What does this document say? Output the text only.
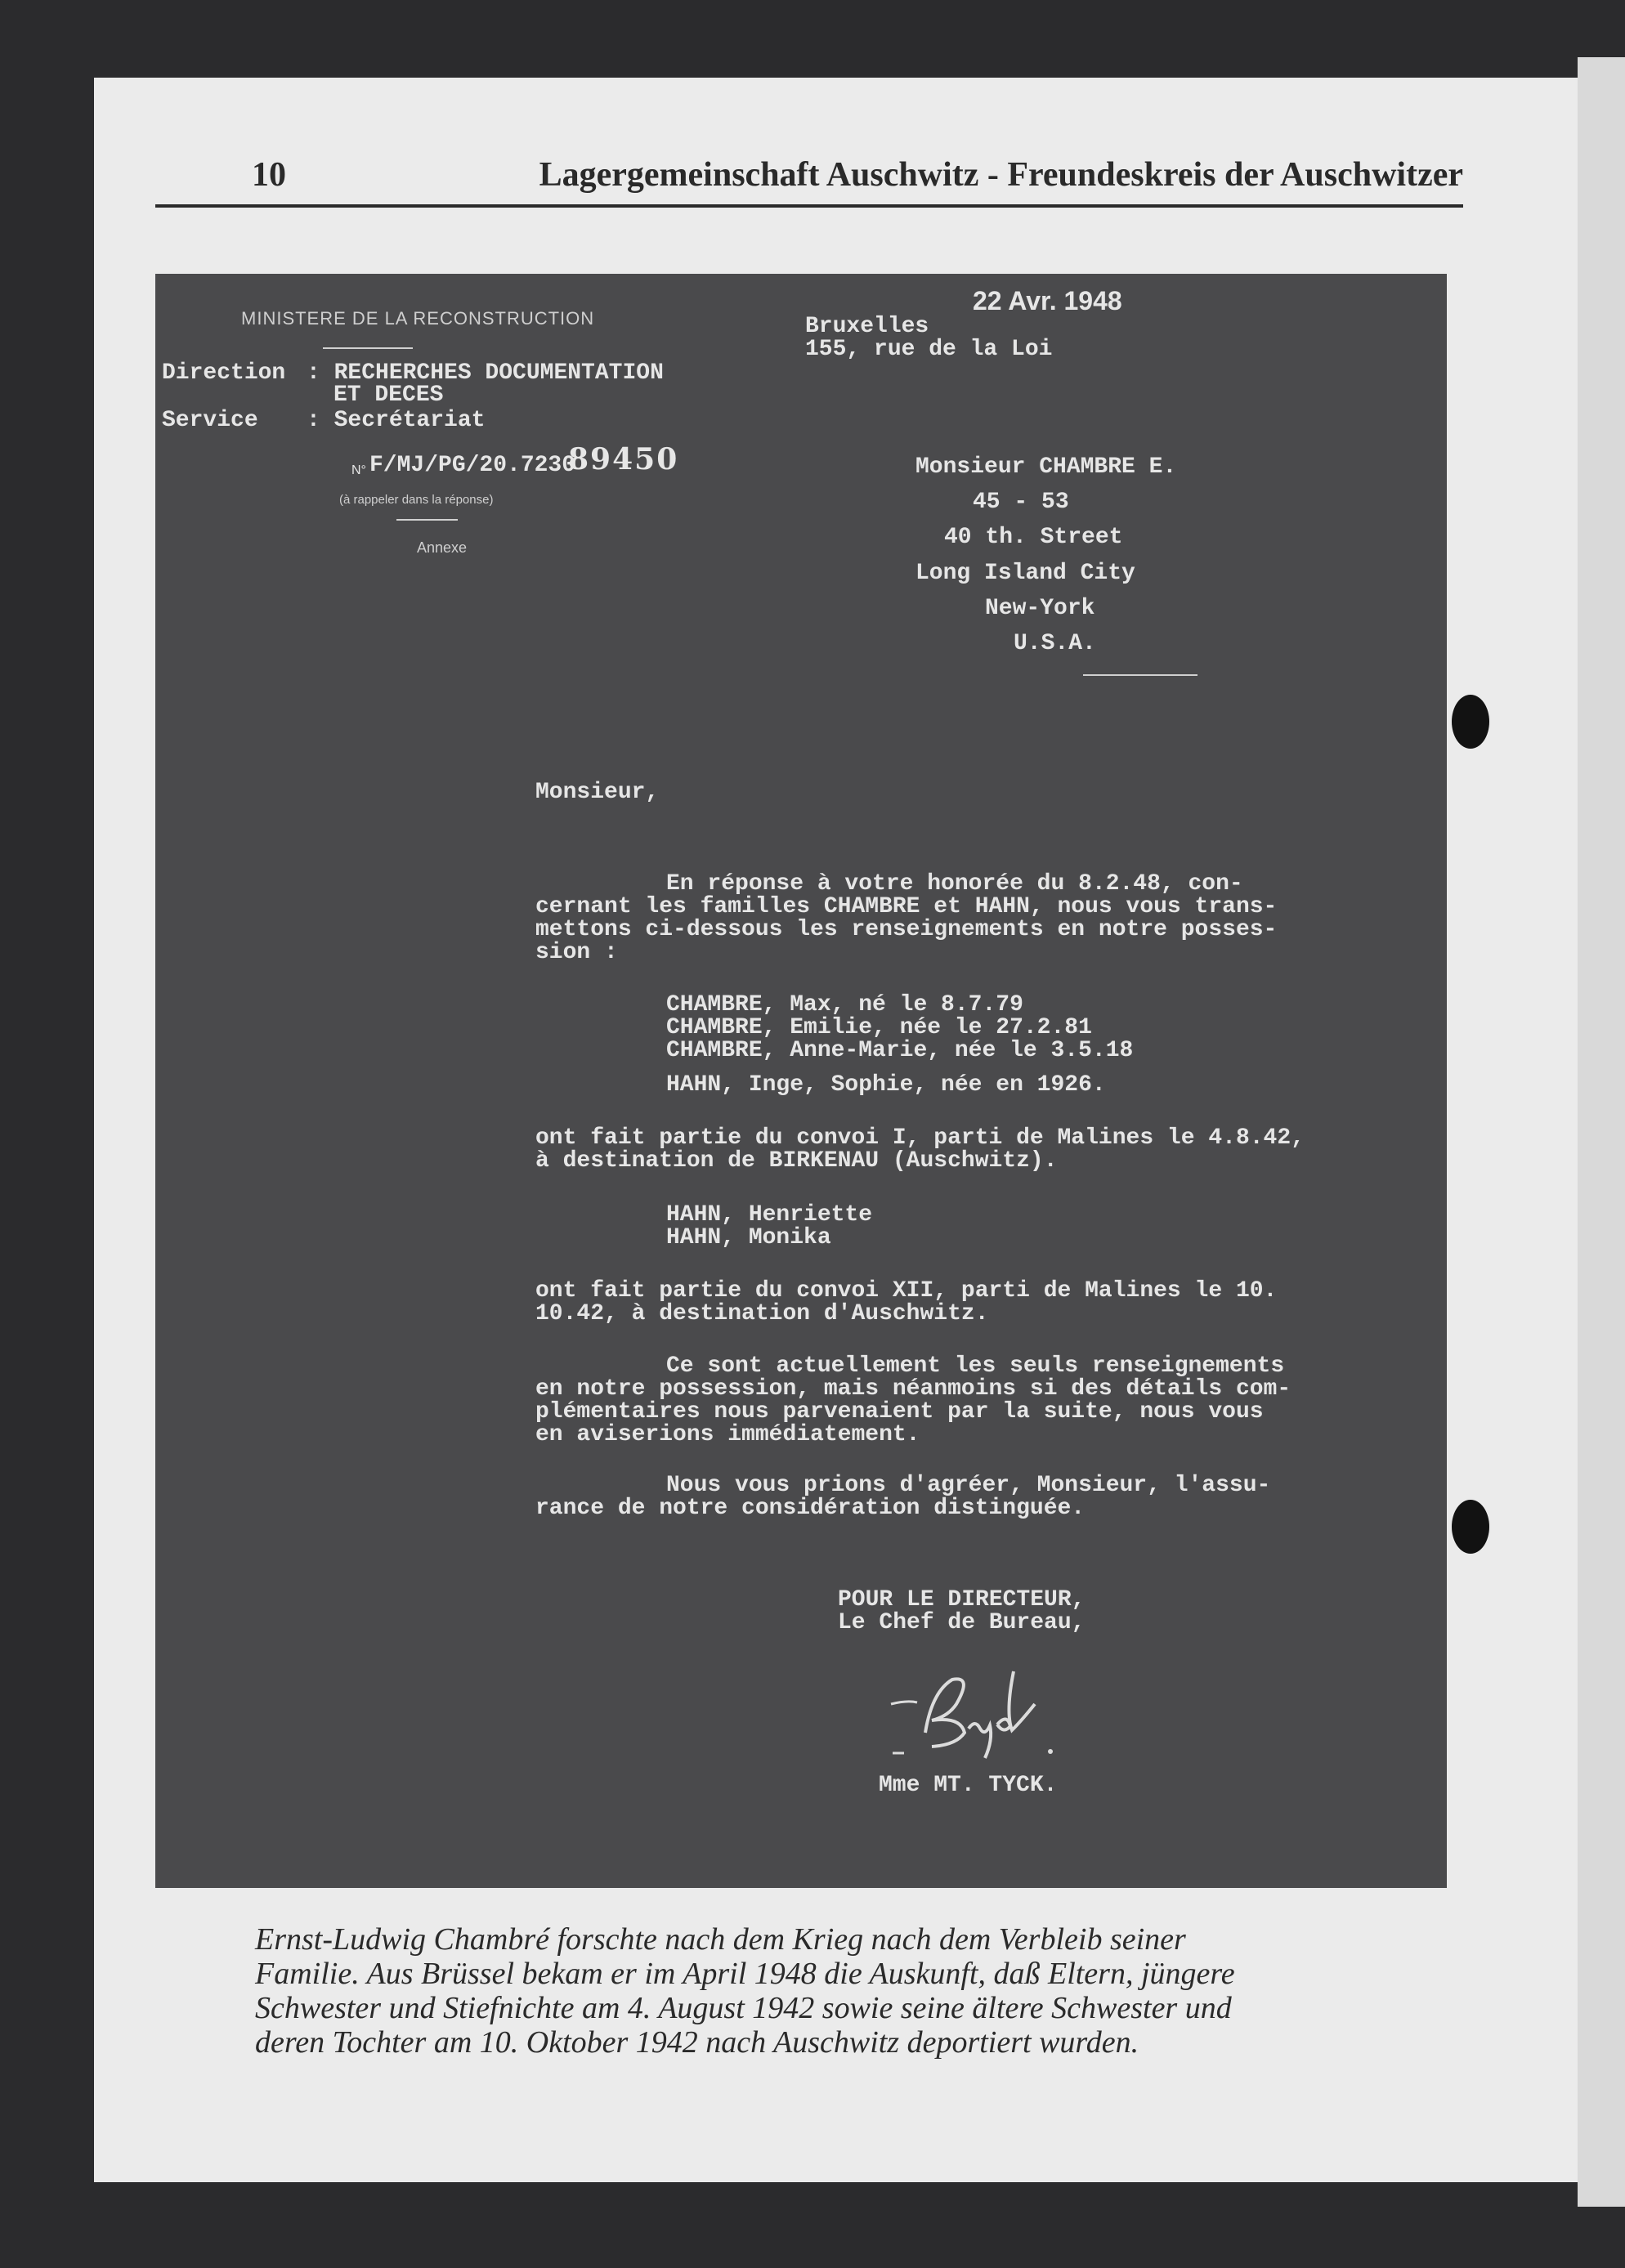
10	Lagergemeinschaft Auschwitz - Freundeskreis der Auschwitzer
MINISTERE DE LA RECONSTRUCTION
Direction : RECHERCHES DOCUMENTATION
ET DECES
Service : Secrétariat
N° F/MJ/PG/20.7230
89450
(à rappeler dans la réponse)
Annexe
Bruxelles
22 Avr. 1948
155, rue de la Loi
Monsieur CHAMBRE E.
45 - 53
40 th. Street
Long Island City
New-York
U.S.A.
Monsieur,
En réponse à votre honorée du 8.2.48, con-
cernant les familles CHAMBRE et HAHN, nous vous trans-
mettons ci-dessous les renseignements en notre posses-
sion :
CHAMBRE, Max, né le 8.7.79
CHAMBRE, Emilie, née le 27.2.81
CHAMBRE, Anne-Marie, née le 3.5.18
HAHN, Inge, Sophie, née en 1926.
ont fait partie du convoi I, parti de Malines le 4.8.42,
à destination de BIRKENAU (Auschwitz).
HAHN, Henriette
HAHN, Monika
ont fait partie du convoi XII, parti de Malines le 10.
10.42, à destination d'Auschwitz.
Ce sont actuellement les seuls renseignements
en notre possession, mais néanmoins si des détails com-
plémentaires nous parvenaient par la suite, nous vous
en aviserions immédiatement.
Nous vous prions d'agréer, Monsieur, l'assu-
rance de notre considération distinguée.
POUR LE DIRECTEUR,
Le Chef de Bureau,
Mme MT. TYCK.
Ernst-Ludwig Chambré forschte nach dem Krieg nach dem Verbleib seiner
Familie. Aus Brüssel bekam er im April 1948 die Auskunft, daß Eltern, jüngere
Schwester und Stiefnichte am 4. August 1942 sowie seine ältere Schwester und
deren Tochter am 10. Oktober 1942 nach Auschwitz deportiert wurden.
